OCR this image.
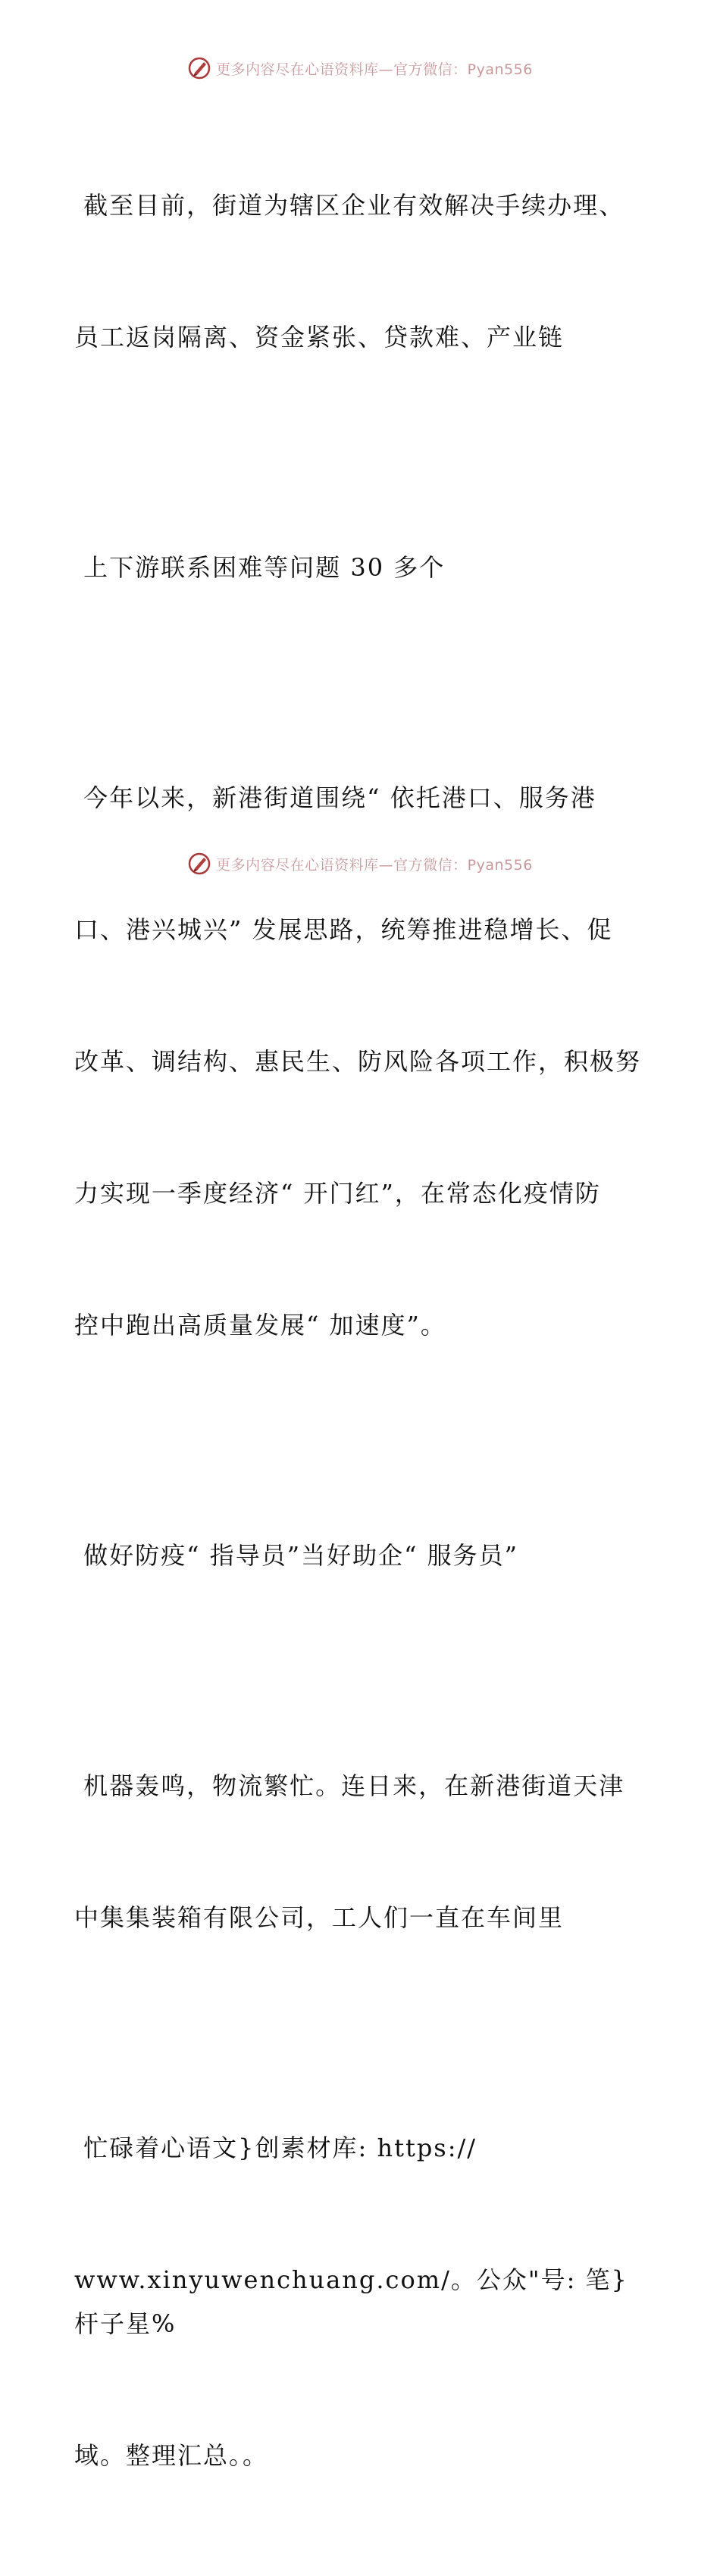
更多内容尽在心语资料库—官方微信：Pyan556

截至目前，街道为辖区企业有效解决手续办理、

员工返岗隔离、资金紧张、贷款难、产业链

上下游联系困难等问题 30 多个

今年以来，新港街道围绕“ 依托港口、服务港

口、港兴城兴” 发展思路，统筹推进稳增长、促

改革、调结构、惠民生、防风险各项工作，积极努

力实现一季度经济“ 开门红”，在常态化疫情防

控中跑出高质量发展“ 加速度”。

做好防疫“ 指导员”当好助企“ 服务员”

机器轰鸣，物流繁忙。连日来，在新港街道天津

中集集装箱有限公司，工人们一直在车间里

忙碌着心语文}创素材库: https://

www.xinyuwenchuang.com/。公众"号: 笔}杆子星%

域。整理汇总。。

更多内容尽在心语资料库—官方微信：Pyan556
